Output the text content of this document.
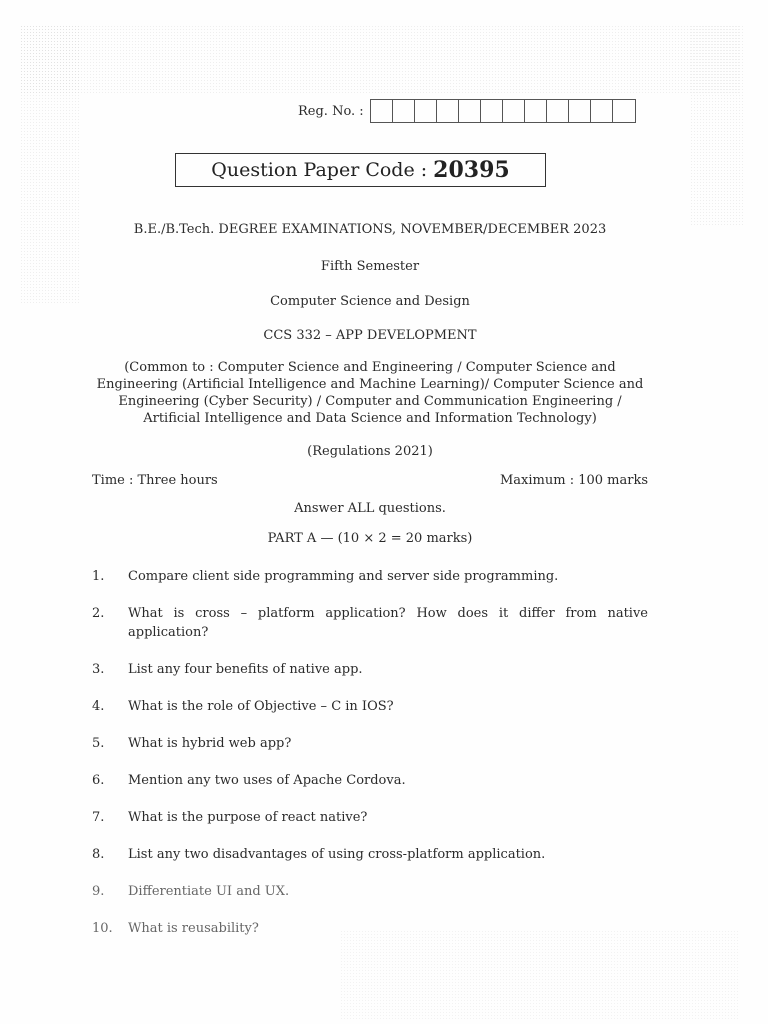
Reg. No. :
Question Paper Code : 20395
B.E./B.Tech. DEGREE EXAMINATIONS, NOVEMBER/DECEMBER 2023
Fifth Semester
Computer Science and Design
CCS 332 – APP DEVELOPMENT
(Common to : Computer Science and Engineering / Computer Science and Engineering (Artificial Intelligence and Machine Learning)/ Computer Science and Engineering (Cyber Security) / Computer and Communication Engineering / Artificial Intelligence and Data Science and Information Technology)
(Regulations 2021)
Time : Three hours	Maximum : 100 marks
Answer ALL questions.
PART A — (10 × 2 = 20 marks)
1.	Compare client side programming and server side programming.
2.	What is cross – platform application? How does it differ from native application?
3.	List any four benefits of native app.
4.	What is the role of Objective – C in IOS?
5.	What is hybrid web app?
6.	Mention any two uses of Apache Cordova.
7.	What is the purpose of react native?
8.	List any two disadvantages of using cross-platform application.
9.	Differentiate UI and UX.
10.	What is reusability?
